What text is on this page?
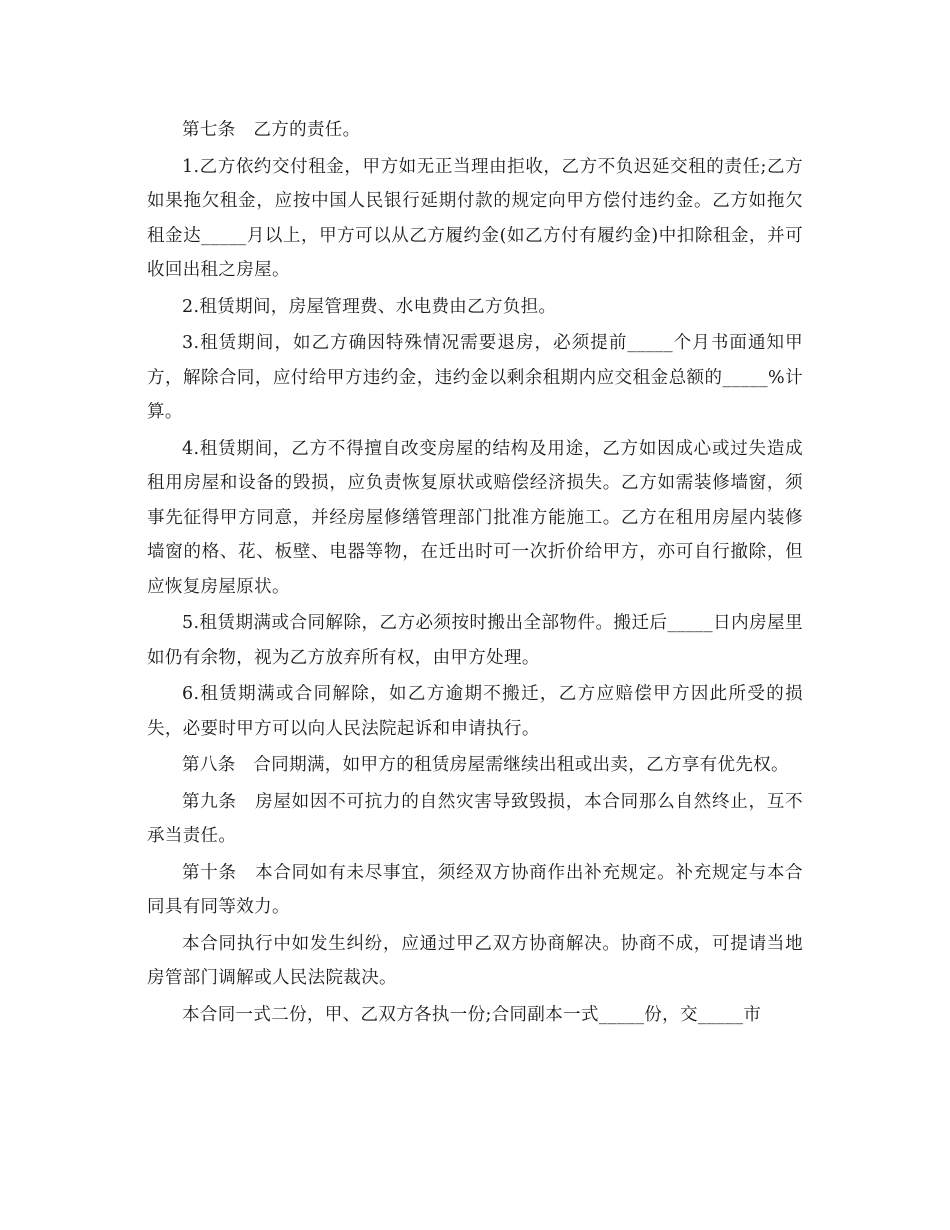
第七条　乙方的责任。

1.乙方依约交付租金，甲方如无正当理由拒收，乙方不负迟延交租的责任;乙方如果拖欠租金，应按中国人民银行延期付款的规定向甲方偿付违约金。乙方如拖欠租金达_____月以上，甲方可以从乙方履约金(如乙方付有履约金)中扣除租金，并可收回出租之房屋。

2.租赁期间，房屋管理费、水电费由乙方负担。

3.租赁期间，如乙方确因特殊情况需要退房，必须提前_____个月书面通知甲方，解除合同，应付给甲方违约金，违约金以剩余租期内应交租金总额的_____%计算。

4.租赁期间，乙方不得擅自改变房屋的结构及用途，乙方如因成心或过失造成租用房屋和设备的毁损，应负责恢复原状或赔偿经济损失。乙方如需装修墙窗，须事先征得甲方同意，并经房屋修缮管理部门批准方能施工。乙方在租用房屋内装修墙窗的格、花、板壁、电器等物，在迁出时可一次折价给甲方，亦可自行撤除，但应恢复房屋原状。

5.租赁期满或合同解除，乙方必须按时搬出全部物件。搬迁后_____日内房屋里如仍有余物，视为乙方放弃所有权，由甲方处理。

6.租赁期满或合同解除，如乙方逾期不搬迁，乙方应赔偿甲方因此所受的损失，必要时甲方可以向人民法院起诉和申请执行。

第八条　合同期满，如甲方的租赁房屋需继续出租或出卖，乙方享有优先权。

第九条　房屋如因不可抗力的自然灾害导致毁损，本合同那么自然终止，互不承当责任。

第十条　本合同如有未尽事宜，须经双方协商作出补充规定。补充规定与本合同具有同等效力。

本合同执行中如发生纠纷，应通过甲乙双方协商解决。协商不成，可提请当地房管部门调解或人民法院裁决。

本合同一式二份，甲、乙双方各执一份;合同副本一式_____份，交_____市
